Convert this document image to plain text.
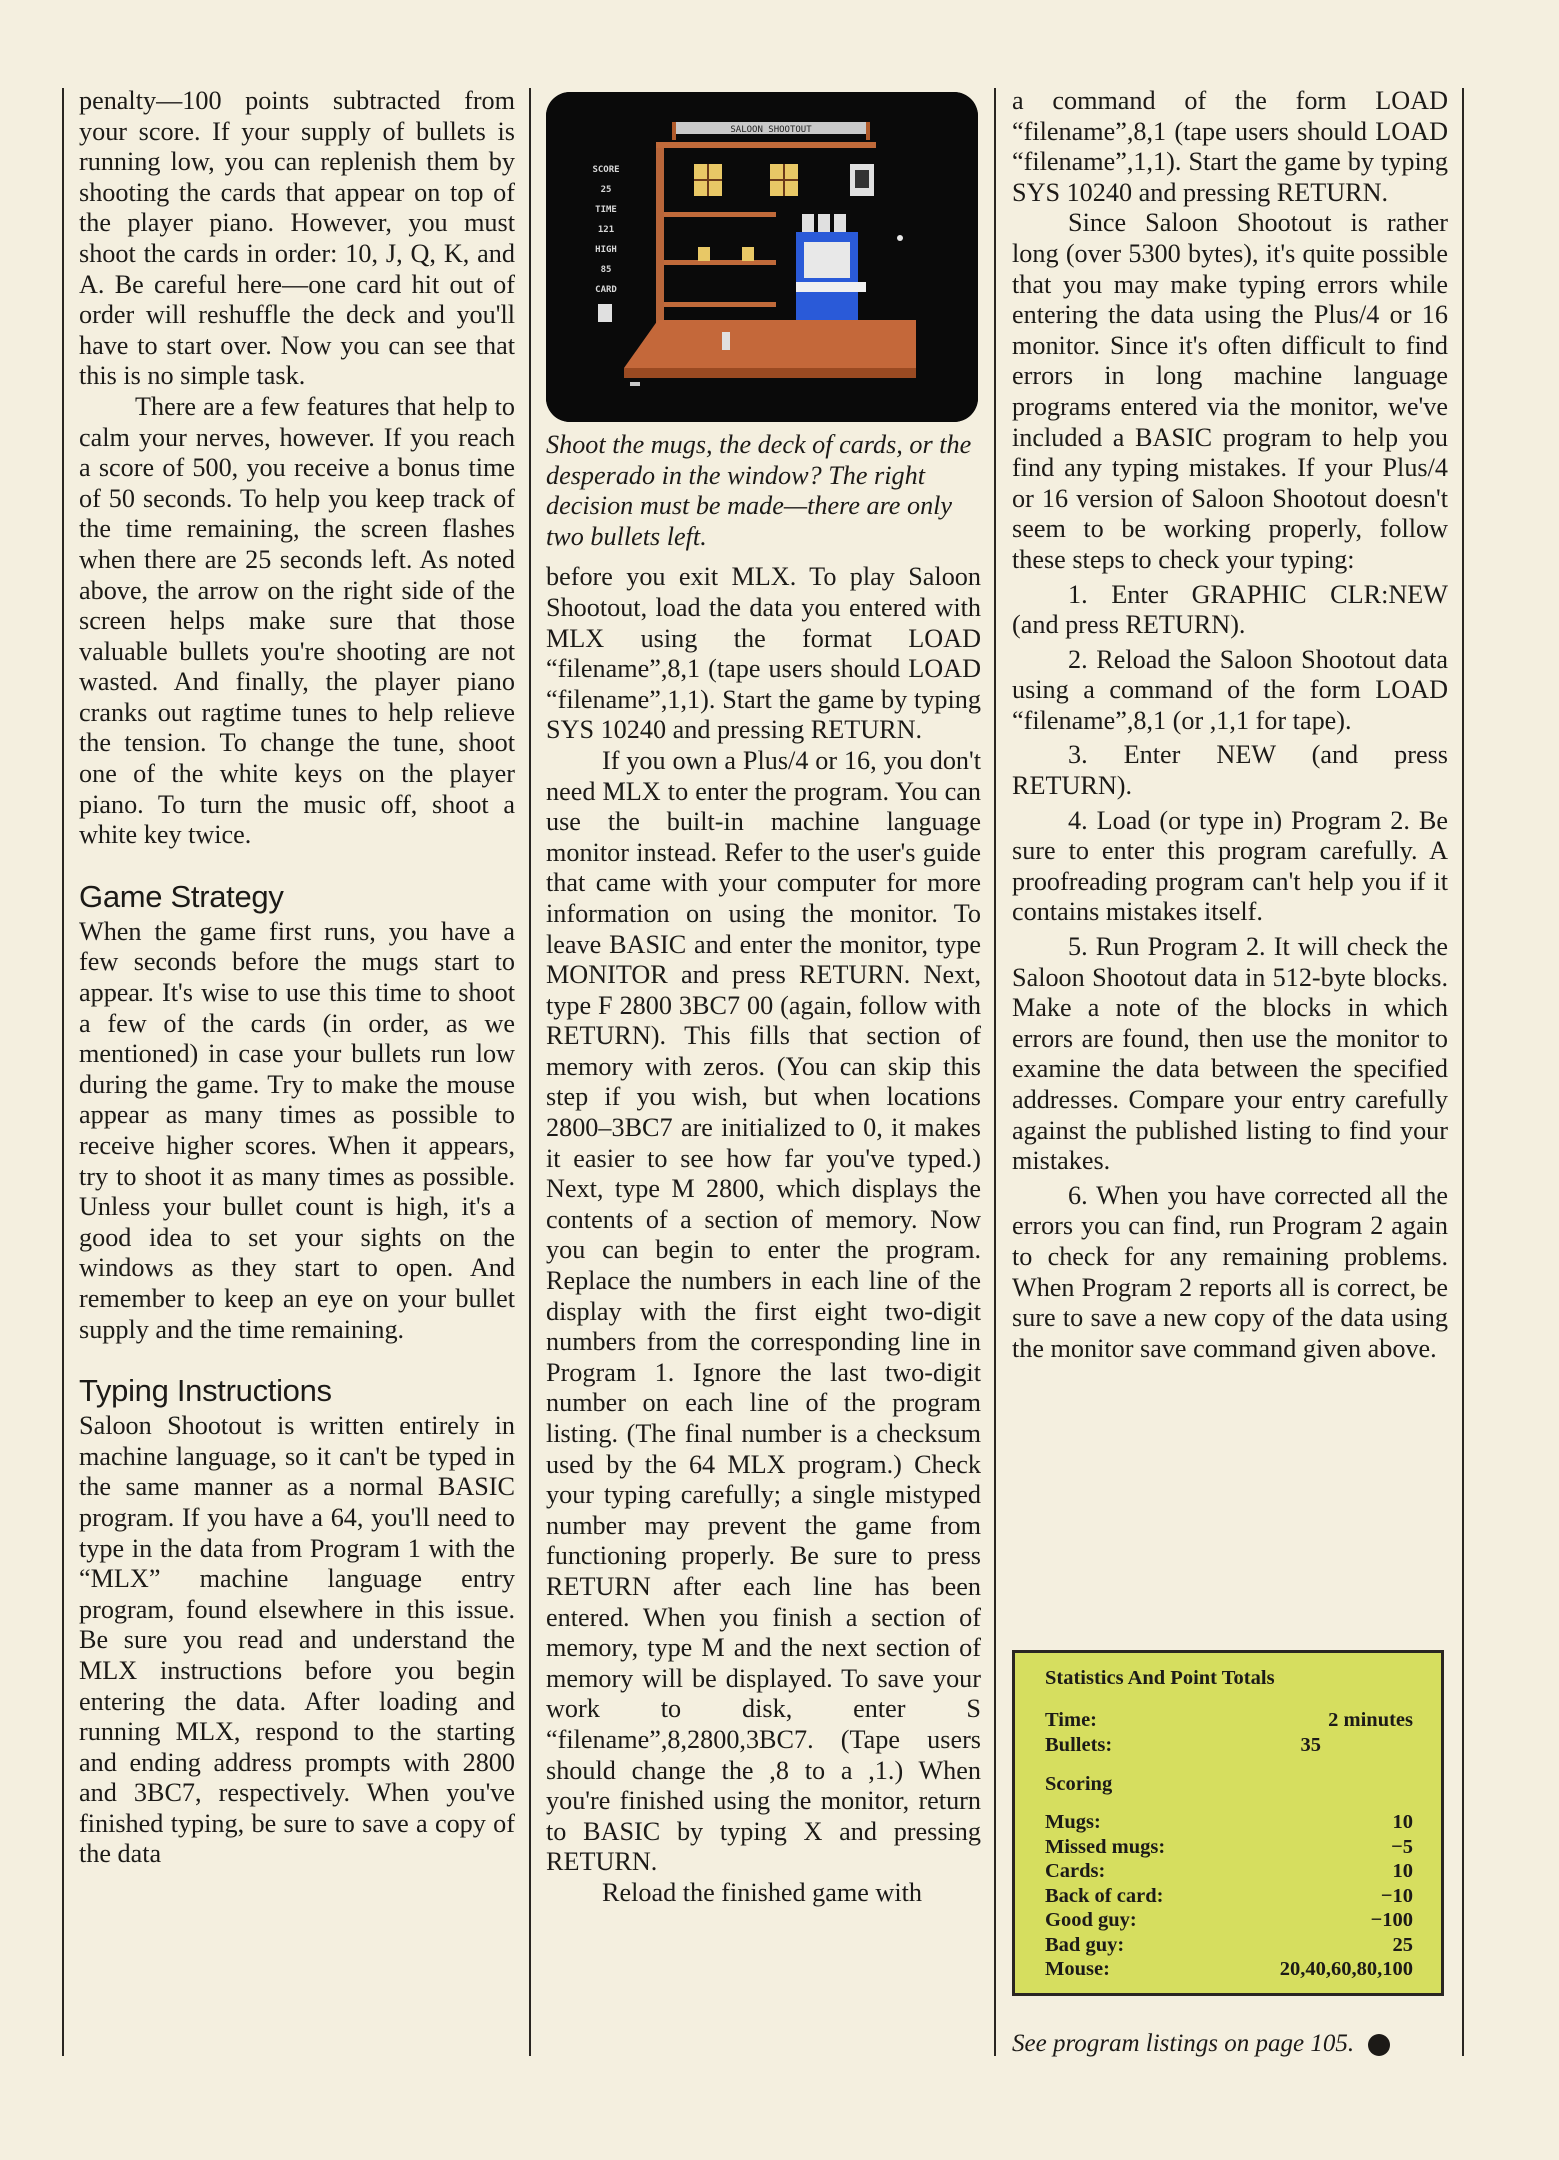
penalty—100 points subtracted from your score. If your supply of bullets is running low, you can replenish them by shooting the cards that appear on top of the player piano. However, you must shoot the cards in order: 10, J, Q, K, and A. Be careful here—one card hit out of order will reshuffle the deck and you'll have to start over. Now you can see that this is no simple task.

There are a few features that help to calm your nerves, however. If you reach a score of 500, you receive a bonus time of 50 seconds. To help you keep track of the time remaining, the screen flashes when there are 25 seconds left. As noted above, the arrow on the right side of the screen helps make sure that those valuable bullets you're shooting are not wasted. And finally, the player piano cranks out ragtime tunes to help relieve the tension. To change the tune, shoot one of the white keys on the player piano. To turn the music off, shoot a white key twice.

Game Strategy

When the game first runs, you have a few seconds before the mugs start to appear. It's wise to use this time to shoot a few of the cards (in order, as we mentioned) in case your bullets run low during the game. Try to make the mouse appear as many times as possible to receive higher scores. When it appears, try to shoot it as many times as possible. Unless your bullet count is high, it's a good idea to set your sights on the windows as they start to open. And remember to keep an eye on your bullet supply and the time remaining.

Typing Instructions

Saloon Shootout is written entirely in machine language, so it can't be typed in the same manner as a normal BASIC program. If you have a 64, you'll need to type in the data from Program 1 with the “MLX” machine language entry program, found elsewhere in this issue. Be sure you read and understand the MLX instructions before you begin entering the data. After loading and running MLX, respond to the starting and ending address prompts with 2800 and 3BC7, respectively. When you've finished typing, be sure to save a copy of the data

SALOON SHOOTOUT
SCORE
25
TIME
121
HIGH
85
CARD

Shoot the mugs, the deck of cards, or the desperado in the window? The right decision must be made—there are only two bullets left.

before you exit MLX. To play Saloon Shootout, load the data you entered with MLX using the format LOAD “filename”,8,1 (tape users should LOAD “filename”,1,1). Start the game by typing SYS 10240 and pressing RETURN.

If you own a Plus/4 or 16, you don't need MLX to enter the program. You can use the built-in machine language monitor instead. Refer to the user's guide that came with your computer for more information on using the monitor. To leave BASIC and enter the monitor, type MONITOR and press RETURN. Next, type F 2800 3BC7 00 (again, follow with RETURN). This fills that section of memory with zeros. (You can skip this step if you wish, but when locations 2800–3BC7 are initialized to 0, it makes it easier to see how far you've typed.) Next, type M 2800, which displays the contents of a section of memory. Now you can begin to enter the program. Replace the numbers in each line of the display with the first eight two-digit numbers from the corresponding line in Program 1. Ignore the last two-digit number on each line of the program listing. (The final number is a checksum used by the 64 MLX program.) Check your typing carefully; a single mistyped number may prevent the game from functioning properly. Be sure to press RETURN after each line has been entered. When you finish a section of memory, type M and the next section of memory will be displayed. To save your work to disk, enter S “filename”,8,2800,3BC7. (Tape users should change the ,8 to a ,1.) When you're finished using the monitor, return to BASIC by typing X and pressing RETURN.

Reload the finished game with

a command of the form LOAD “filename”,8,1 (tape users should LOAD “filename”,1,1). Start the game by typing SYS 10240 and pressing RETURN.

Since Saloon Shootout is rather long (over 5300 bytes), it's quite possible that you may make typing errors while entering the data using the Plus/4 or 16 monitor. Since it's often difficult to find errors in long machine language programs entered via the monitor, we've included a BASIC program to help you find any typing mistakes. If your Plus/4 or 16 version of Saloon Shootout doesn't seem to be working properly, follow these steps to check your typing:

1. Enter GRAPHIC CLR:NEW (and press RETURN).

2. Reload the Saloon Shootout data using a command of the form LOAD “filename”,8,1 (or ,1,1 for tape).

3. Enter NEW (and press RETURN).

4. Load (or type in) Program 2. Be sure to enter this program carefully. A proofreading program can't help you if it contains mistakes itself.

5. Run Program 2. It will check the Saloon Shootout data in 512-byte blocks. Make a note of the blocks in which errors are found, then use the monitor to examine the data between the specified addresses. Compare your entry carefully against the published listing to find your mistakes.

6. When you have corrected all the errors you can find, run Program 2 again to check for any remaining problems. When Program 2 reports all is correct, be sure to save a new copy of the data using the monitor save command given above.

Statistics And Point Totals
Time:	2 minutes
Bullets:	35
Scoring
Mugs:	10
Missed mugs:	−5
Cards:	10
Back of card:	−10
Good guy:	−100
Bad guy:	25
Mouse:	20,40,60,80,100
See program listings on page 105.
